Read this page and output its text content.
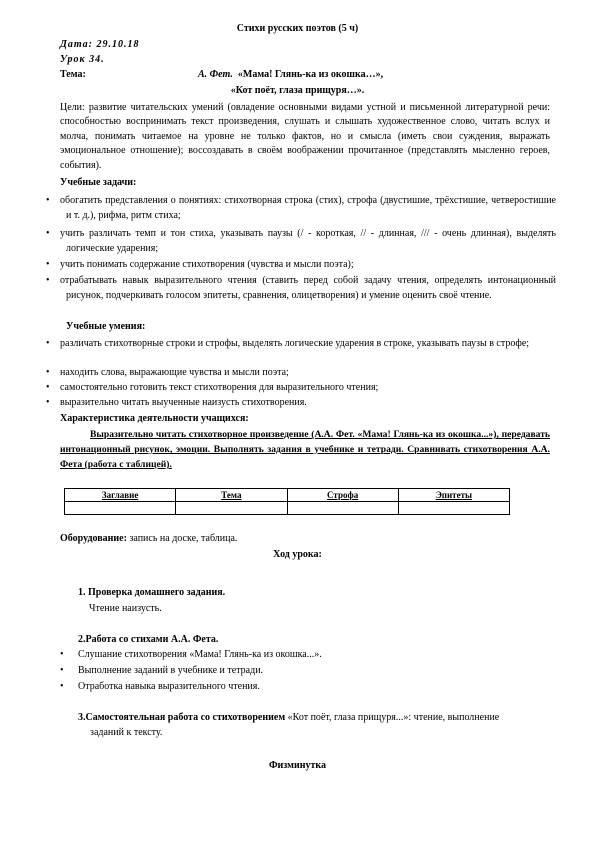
Стихи русских поэтов (5 ч)
Дата: 29.10.18
Урок 34.
Тема:	А. Фет.  «Мама! Глянь-ка из окошка…»,
«Кот поёт, глаза прищуря…».
Цели: развитие читательских умений (овладение основными видами устной и письменной литературной речи: способностью воспринимать текст произведения, слушать и слышать художественное слово, читать вслух и молча, понимать читаемое на уровне не только фактов, но и смысла (иметь свои суждения, выражать эмоциональное отношение); воссоздавать в своём воображении прочитанное (представлять мысленно героев, события).
Учебные задачи:
• обогатить представления о понятиях: стихотворная строка (стих), строфа (двустишие, трёхстишие, четверостишие и т. д.), рифма, ритм стиха;
• учить различать темп и тон стиха, указывать паузы (/ - короткая, // - длинная, /// - очень длинная), выделять логические ударения;
• учить понимать содержание стихотворения (чувства и мысли поэта);
• отрабатывать навык выразительного чтения (ставить перед собой задачу чтения, определять интонационный рисунок, подчеркивать голосом эпитеты, сравнения, олицетворения) и умение оценить своё чтение.
Учебные умения:
• различать стихотворные строки и строфы, выделять логические ударения в строке, указывать паузы в строфе;
• находить слова, выражающие чувства и мысли поэта;
• самостоятельно готовить текст стихотворения для выразительного чтения;
• выразительно читать выученные наизусть стихотворения.
Характеристика деятельности учащихся:
Выразительно читать стихотворное произведение (А.А. Фет. «Мама! Глянь-ка из окошка...»), передавать интонационный рисунок, эмоции. Выполнять задания в учебнике и тетради. Сравнивать стихотворения А.А. Фета (работа с таблицей).
Заглавие	Тема	Строфа	Эпитеты

Оборудование: запись на доске, таблица.
Ход урока:
1. Проверка домашнего задания.
Чтение наизусть.
2.Работа со стихами А.А. Фета.
• Слушание стихотворения «Мама! Глянь-ка из окошка...».
• Выполнение заданий в учебнике и тетради.
• Отработка навыка выразительного чтения.
3.Самостоятельная работа со стихотворением «Кот поёт, глаза прищуря...»: чтение, выполнение
заданий к тексту.
Физминутка
